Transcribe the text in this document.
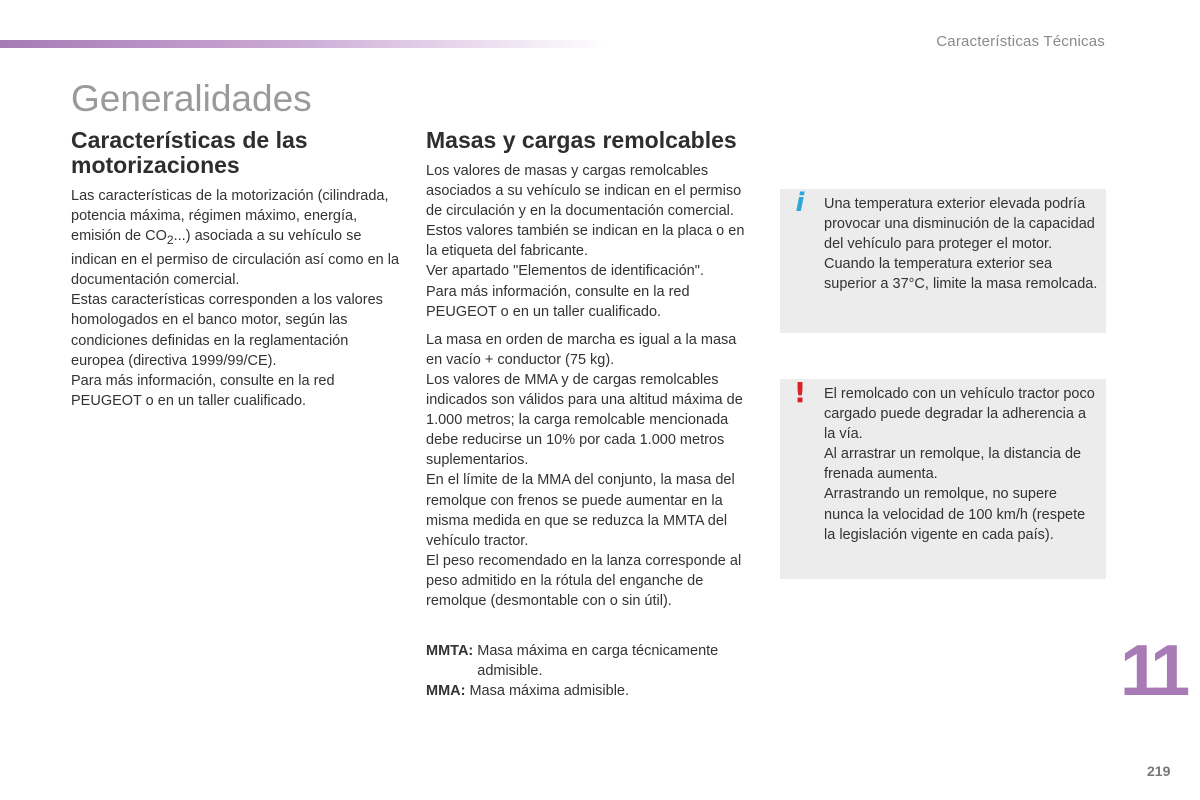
Características Técnicas
Generalidades
Características de las motorizaciones

Las características de la motorización (cilindrada, potencia máxima, régimen máximo, energía, emisión de $CO_2$...) asociada a su vehículo se indican en el permiso de circulación así como en la documentación comercial.

Estas características corresponden a los valores homologados en el banco motor, según las condiciones definidas en la reglamentación europea (directiva 1999/99/CE).

Para más información, consulte en la red PEUGEOT o en un taller cualificado.

Masas y cargas remolcables

Los valores de masas y cargas remolcables asociados a su vehículo se indican en el permiso de circulación y en la documentación comercial.

Estos valores también se indican en la placa o en la etiqueta del fabricante.

Ver apartado "Elementos de identificación".

Para más información, consulte en la red PEUGEOT o en un taller cualificado.

La masa en orden de marcha es igual a la masa en vacío + conductor (75 kg).

Los valores de MMA y de cargas remolcables indicados son válidos para una altitud máxima de 1.000 metros; la carga remolcable mencionada debe reducirse un 10% por cada 1.000 metros suplementarios.

En el límite de la MMA del conjunto, la masa del remolque con frenos se puede aumentar en la misma medida en que se reduzca la MMTA del vehículo tractor.

El peso recomendado en la lanza corresponde al peso admitido en la rótula del enganche de remolque (desmontable con o sin útil).

MMTA: Masa máxima en carga técnicamente admisible.
MMA: Masa máxima admisible.
i	Una temperatura exterior elevada podría provocar una disminución de la capacidad del vehículo para proteger el motor. Cuando la temperatura exterior sea superior a 37°C, limite la masa remolcada.

! El remolcado con un vehículo tractor poco cargado puede degradar la adherencia a la vía.

Al arrastrar un remolque, la distancia de frenada aumenta.

Arrastrando un remolque, no supere nunca la velocidad de 100 km/h (respete la legislación vigente en cada país).

11
219
